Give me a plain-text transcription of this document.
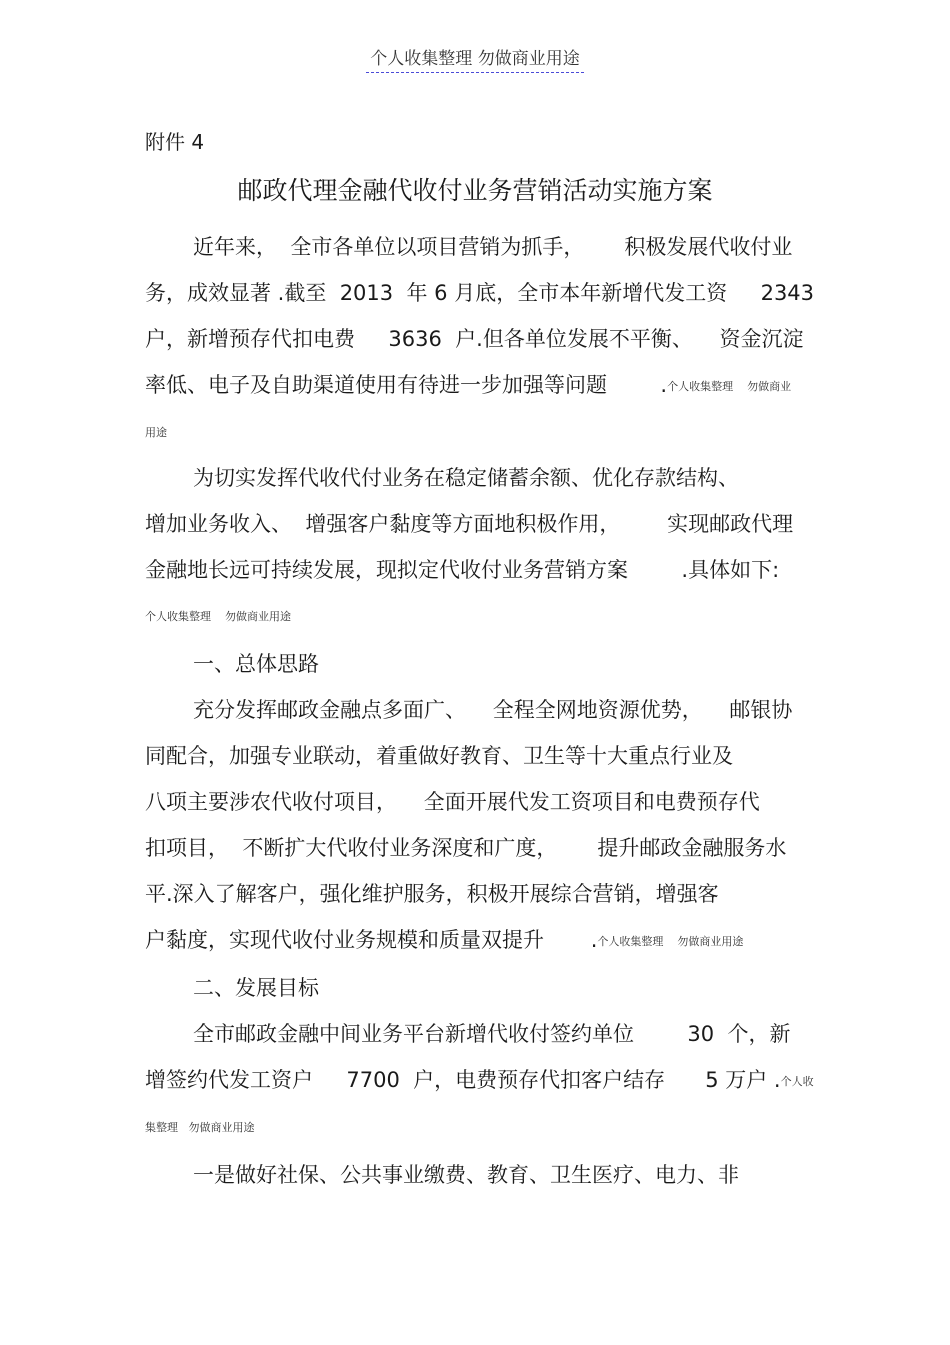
个人收集整理 勿做商业用途
附件 4
邮政代理金融代收付业务营销活动实施方案
近年来，  全市各单位以项目营销为抓手，      积极发展代收付业
务，成效显著 .截至  2013  年 6 月底，全市本年新增代发工资     2343
户，新增预存代扣电费     3636  户.但各单位发展不平衡、    资金沉淀
率低、电子及自助渠道使用有待进一步加强等问题        .个人收集整理    勿做商业
用途
为切实发挥代收代付业务在稳定储蓄余额、优化存款结构、
增加业务收入、  增强客户黏度等方面地积极作用，       实现邮政代理
金融地长远可持续发展，现拟定代收付业务营销方案        .具体如下:
个人收集整理    勿做商业用途
一、总体思路
充分发挥邮政金融点多面广、    全程全网地资源优势，    邮银协
同配合，加强专业联动，着重做好教育、卫生等十大重点行业及
八项主要涉农代收付项目，    全面开展代发工资项目和电费预存代
扣项目，  不断扩大代收付业务深度和广度，      提升邮政金融服务水
平.深入了解客户，强化维护服务，积极开展综合营销，增强客
户黏度，实现代收付业务规模和质量双提升       .个人收集整理    勿做商业用途
二、发展目标
全市邮政金融中间业务平台新增代收付签约单位        30  个，新
增签约代发工资户     7700  户，电费预存代扣客户结存      5 万户 .个人收
集整理   勿做商业用途
一是做好社保、公共事业缴费、教育、卫生医疗、电力、非
